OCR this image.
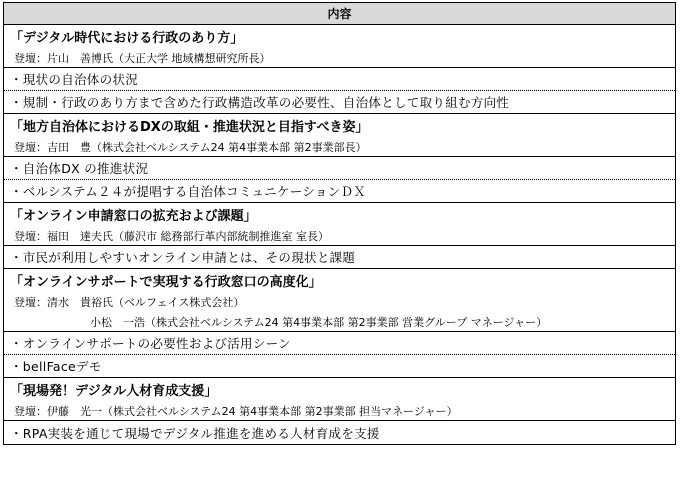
内容
「デジタル時代における行政のあり方」
登壇：片山　善博氏（大正大学 地域構想研究所長）
・現状の自治体の状況
・規制・行政のあり方まで含めた行政構造改革の必要性、自治体として取り組む方向性
「地方自治体におけるDXの取組・推進状況と目指すべき姿」
登壇：吉田　豊（株式会社ベルシステム24 第4事業本部 第2事業部長）
・自治体DX の推進状況
・ベルシステム２４が提唱する自治体コミュニケーションＤＸ
「オンライン申請窓口の拡充および課題」
登壇：福田　達夫氏（藤沢市 総務部行革内部統制推進室 室長）
・市民が利用しやすいオンライン申請とは、その現状と課題
「オンラインサポートで実現する行政窓口の高度化」
登壇：清水　貴裕氏（ベルフェイス株式会社）
小松　一浩（株式会社ベルシステム24 第4事業本部 第2事業部 営業グループ マネージャー）
・オンラインサポートの必要性および活用シーン
・bellFaceデモ
「現場発！デジタル人材育成支援」
登壇：伊藤　光一（株式会社ベルシステム24 第4事業本部 第2事業部 担当マネージャー）
・RPA実装を通じて現場でデジタル推進を進める人材育成を支援
